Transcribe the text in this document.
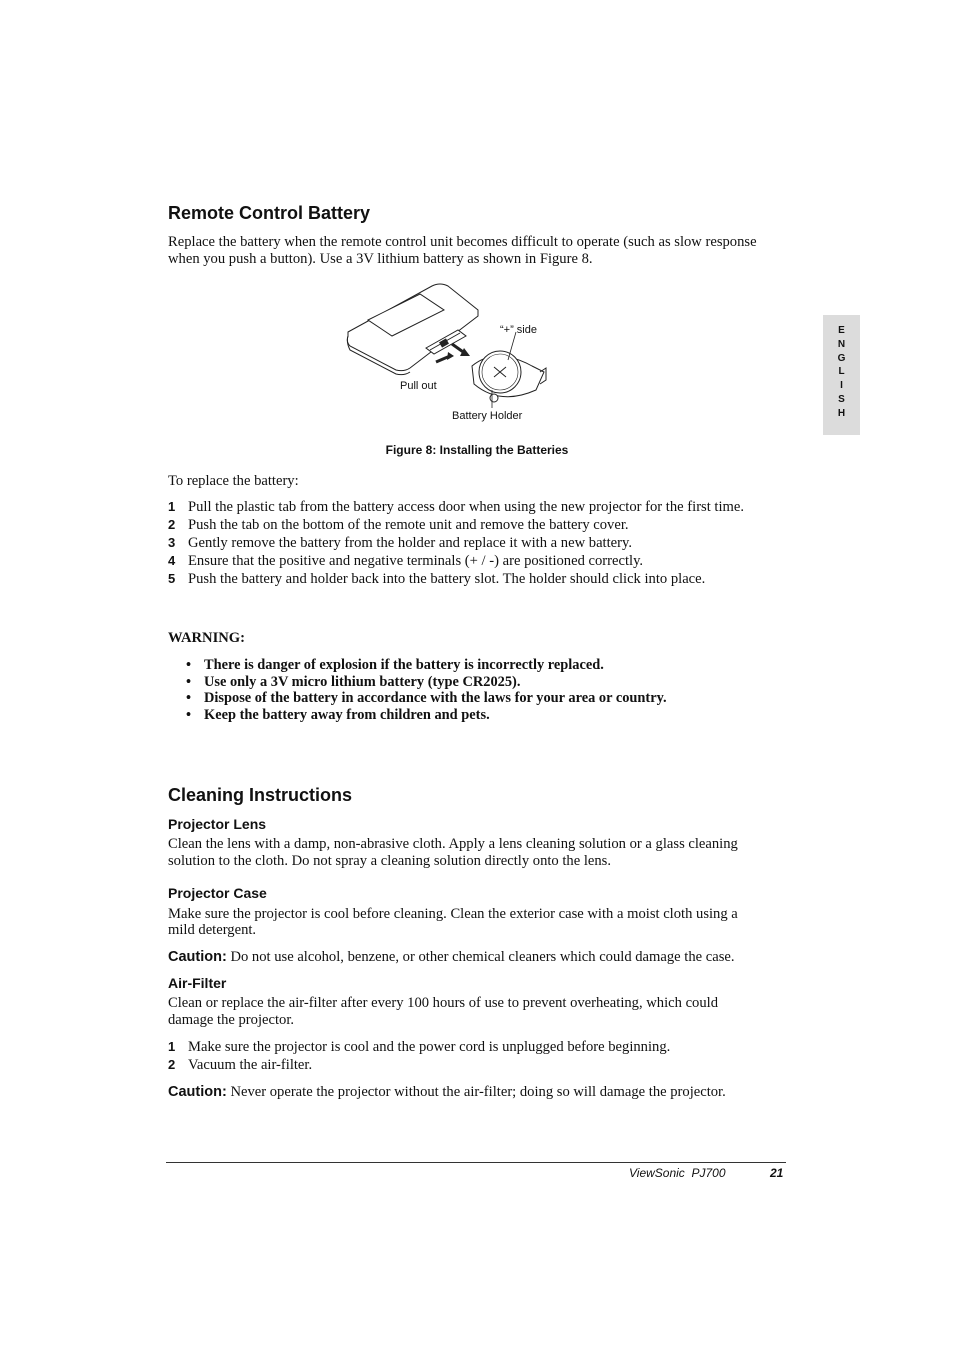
E
N
G
L
I
S
H
Remote Control Battery

Replace the battery when the remote control unit becomes difficult to operate (such as slow response

when you push a button). Use a 3V lithium battery as shown in Figure 8.

“+” side
Pull out
Battery Holder
Figure 8: Installing the Batteries

To replace the battery:

1 Pull the plastic tab from the battery access door when using the new projector for the first time.
2 Push the tab on the bottom of the remote unit and remove the battery cover.
3 Gently remove the battery from the holder and replace it with a new battery.
4 Ensure that the positive and negative terminals (+ / -) are positioned correctly.
5 Push the battery and holder back into the battery slot. The holder should click into place.

WARNING:

• There is danger of explosion if the battery is incorrectly replaced.
• Use only a 3V micro lithium battery (type CR2025).
• Dispose of the battery in accordance with the laws for your area or country.
• Keep the battery away from children and pets.
Cleaning Instructions
Projector Lens

Clean the lens with a damp, non-abrasive cloth. Apply a lens cleaning solution or a glass cleaning

solution to the cloth. Do not spray a cleaning solution directly onto the lens.

Projector Case

Make sure the projector is cool before cleaning. Clean the exterior case with a moist cloth using a

mild detergent.

Caution: Do not use alcohol, benzene, or other chemical cleaners which could damage the case.

Air-Filter

Clean or replace the air-filter after every 100 hours of use to prevent overheating, which could

damage the projector.

1 Make sure the projector is cool and the power cord is unplugged before beginning.
2 Vacuum the air-filter.

Caution: Never operate the projector without the air-filter; doing so will damage the projector.

ViewSonic  PJ700	21
